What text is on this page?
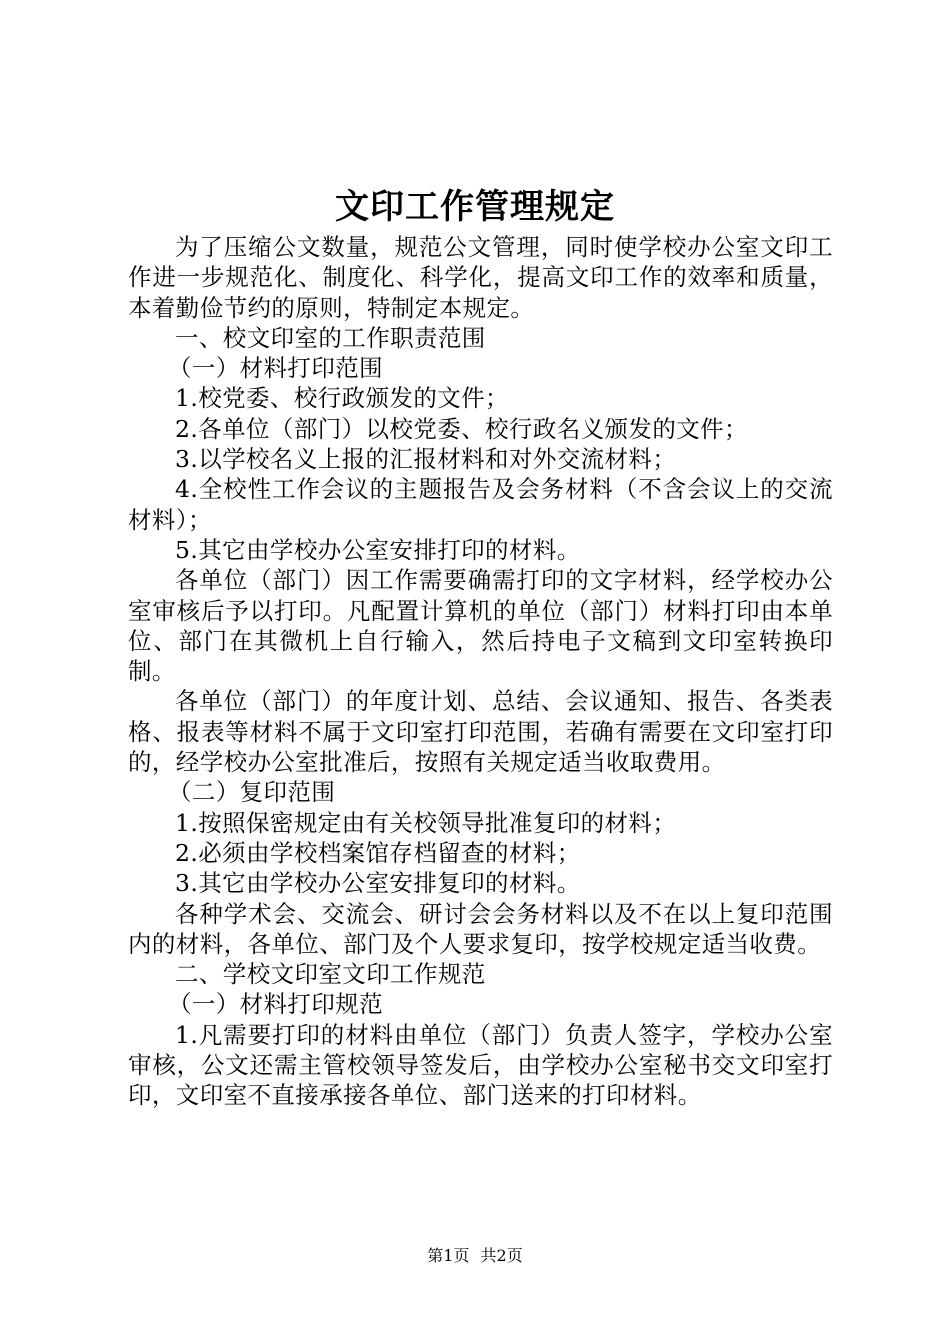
文印工作管理规定

为了压缩公文数量，规范公文管理，同时使学校办公室文印工作进一步规范化、制度化、科学化，提高文印工作的效率和质量，本着勤俭节约的原则，特制定本规定。

一、校文印室的工作职责范围

（一）材料打印范围

1.校党委、校行政颁发的文件；

2.各单位（部门）以校党委、校行政名义颁发的文件；

3.以学校名义上报的汇报材料和对外交流材料；

4.全校性工作会议的主题报告及会务材料（不含会议上的交流材料）；

5.其它由学校办公室安排打印的材料。

各单位（部门）因工作需要确需打印的文字材料，经学校办公室审核后予以打印。凡配置计算机的单位（部门）材料打印由本单位、部门在其微机上自行输入，然后持电子文稿到文印室转换印制。

各单位（部门）的年度计划、总结、会议通知、报告、各类表格、报表等材料不属于文印室打印范围，若确有需要在文印室打印的，经学校办公室批准后，按照有关规定适当收取费用。

（二）复印范围

1.按照保密规定由有关校领导批准复印的材料；

2.必须由学校档案馆存档留查的材料；

3.其它由学校办公室安排复印的材料。

各种学术会、交流会、研讨会会务材料以及不在以上复印范围内的材料，各单位、部门及个人要求复印，按学校规定适当收费。

二、学校文印室文印工作规范

（一）材料打印规范

1.凡需要打印的材料由单位（部门）负责人签字，学校办公室审核，公文还需主管校领导签发后，由学校办公室秘书交文印室打印，文印室不直接承接各单位、部门送来的打印材料。

第1页 共2页
